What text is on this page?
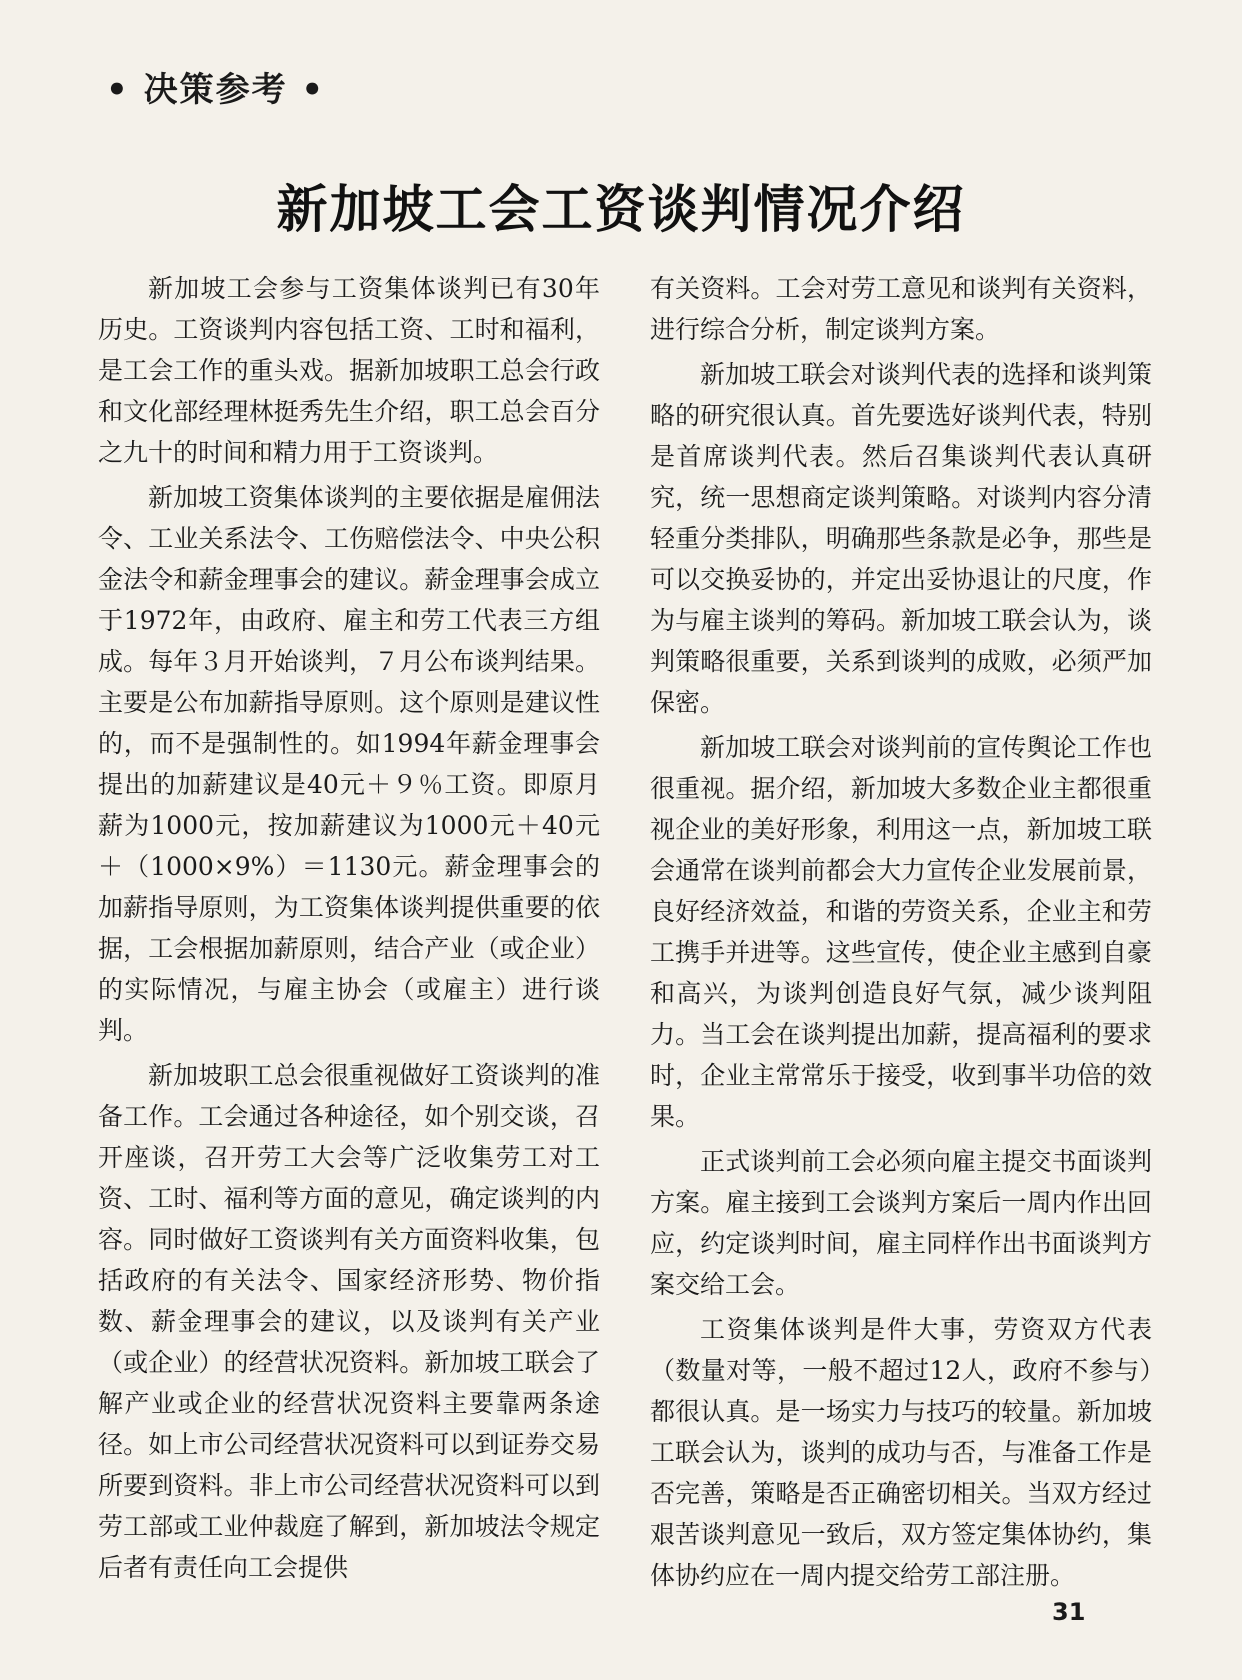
• 决策参考 •
新加坡工会工资谈判情况介绍

新加坡工会参与工资集体谈判已有30年历史。工资谈判内容包括工资、工时和福利，是工会工作的重头戏。据新加坡职工总会行政和文化部经理林挺秀先生介绍，职工总会百分之九十的时间和精力用于工资谈判。

新加坡工资集体谈判的主要依据是雇佣法令、工业关系法令、工伤赔偿法令、中央公积金法令和薪金理事会的建议。薪金理事会成立于1972年，由政府、雇主和劳工代表三方组成。每年３月开始谈判，７月公布谈判结果。主要是公布加薪指导原则。这个原则是建议性的，而不是强制性的。如1994年薪金理事会提出的加薪建议是40元＋９％工资。即原月薪为1000元，按加薪建议为1000元＋40元＋（1000×9%）＝1130元。薪金理事会的加薪指导原则，为工资集体谈判提供重要的依据，工会根据加薪原则，结合产业（或企业）的实际情况，与雇主协会（或雇主）进行谈判。

新加坡职工总会很重视做好工资谈判的准备工作。工会通过各种途径，如个别交谈，召开座谈，召开劳工大会等广泛收集劳工对工资、工时、福利等方面的意见，确定谈判的内容。同时做好工资谈判有关方面资料收集，包括政府的有关法令、国家经济形势、物价指数、薪金理事会的建议，以及谈判有关产业（或企业）的经营状况资料。新加坡工联会了解产业或企业的经营状况资料主要靠两条途径。如上市公司经营状况资料可以到证券交易所要到资料。非上市公司经营状况资料可以到劳工部或工业仲裁庭了解到，新加坡法令规定后者有责任向工会提供

有关资料。工会对劳工意见和谈判有关资料，进行综合分析，制定谈判方案。

新加坡工联会对谈判代表的选择和谈判策略的研究很认真。首先要选好谈判代表，特别是首席谈判代表。然后召集谈判代表认真研究，统一思想商定谈判策略。对谈判内容分清轻重分类排队，明确那些条款是必争，那些是可以交换妥协的，并定出妥协退让的尺度，作为与雇主谈判的筹码。新加坡工联会认为，谈判策略很重要，关系到谈判的成败，必须严加保密。

新加坡工联会对谈判前的宣传舆论工作也很重视。据介绍，新加坡大多数企业主都很重视企业的美好形象，利用这一点，新加坡工联会通常在谈判前都会大力宣传企业发展前景，良好经济效益，和谐的劳资关系，企业主和劳工携手并进等。这些宣传，使企业主感到自豪和高兴，为谈判创造良好气氛，减少谈判阻力。当工会在谈判提出加薪，提高福利的要求时，企业主常常乐于接受，收到事半功倍的效果。

正式谈判前工会必须向雇主提交书面谈判方案。雇主接到工会谈判方案后一周内作出回应，约定谈判时间，雇主同样作出书面谈判方案交给工会。

工资集体谈判是件大事，劳资双方代表（数量对等，一般不超过12人，政府不参与）都很认真。是一场实力与技巧的较量。新加坡工联会认为，谈判的成功与否，与准备工作是否完善，策略是否正确密切相关。当双方经过艰苦谈判意见一致后，双方签定集体协约，集体协约应在一周内提交给劳工部注册。

31
